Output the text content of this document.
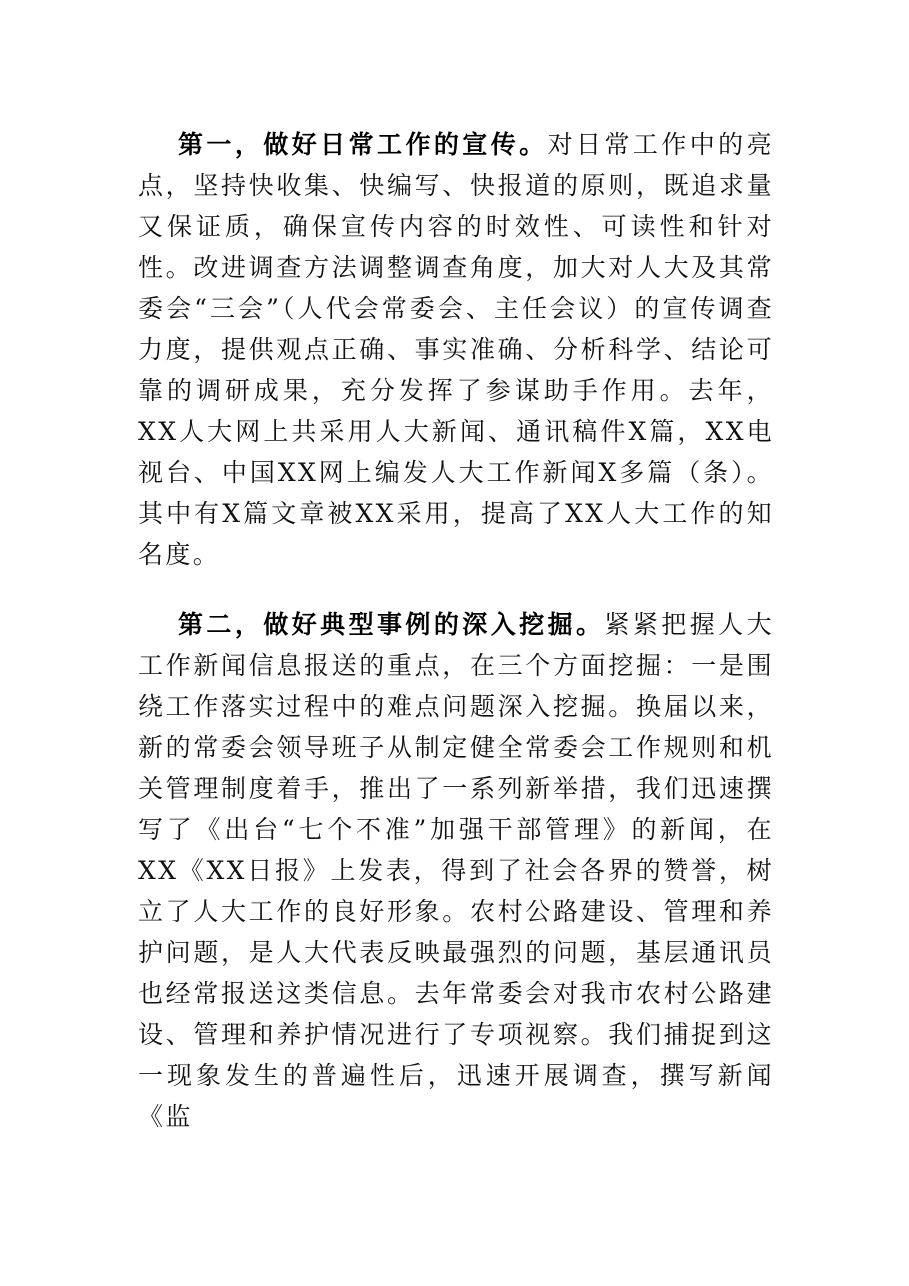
第一，做好日常工作的宣传。对日常工作中的亮点，坚持快收集、快编写、快报道的原则，既追求量又保证质，确保宣传内容的时效性、可读性和针对性。改进调查方法调整调查角度，加大对人大及其常委会“三会”（人代会常委会、主任会议）的宣传调查力度，提供观点正确、事实准确、分析科学、结论可靠的调研成果，充分发挥了参谋助手作用。去年，XX人大网上共采用人大新闻、通讯稿件X篇，XX电视台、中国XX网上编发人大工作新闻X多篇（条）。其中有X篇文章被XX采用，提高了XX人大工作的知名度。

第二，做好典型事例的深入挖掘。紧紧把握人大工作新闻信息报送的重点，在三个方面挖掘：一是围绕工作落实过程中的难点问题深入挖掘。换届以来，新的常委会领导班子从制定健全常委会工作规则和机关管理制度着手，推出了一系列新举措，我们迅速撰写了《出台“七个不准”加强干部管理》的新闻，在XX《XX日报》上发表，得到了社会各界的赞誉，树立了人大工作的良好形象。农村公路建设、管理和养护问题，是人大代表反映最强烈的问题，基层通讯员也经常报送这类信息。去年常委会对我市农村公路建设、管理和养护情况进行了专项视察。我们捕捉到这一现象发生的普遍性后，迅速开展调查，撰写新闻《监
